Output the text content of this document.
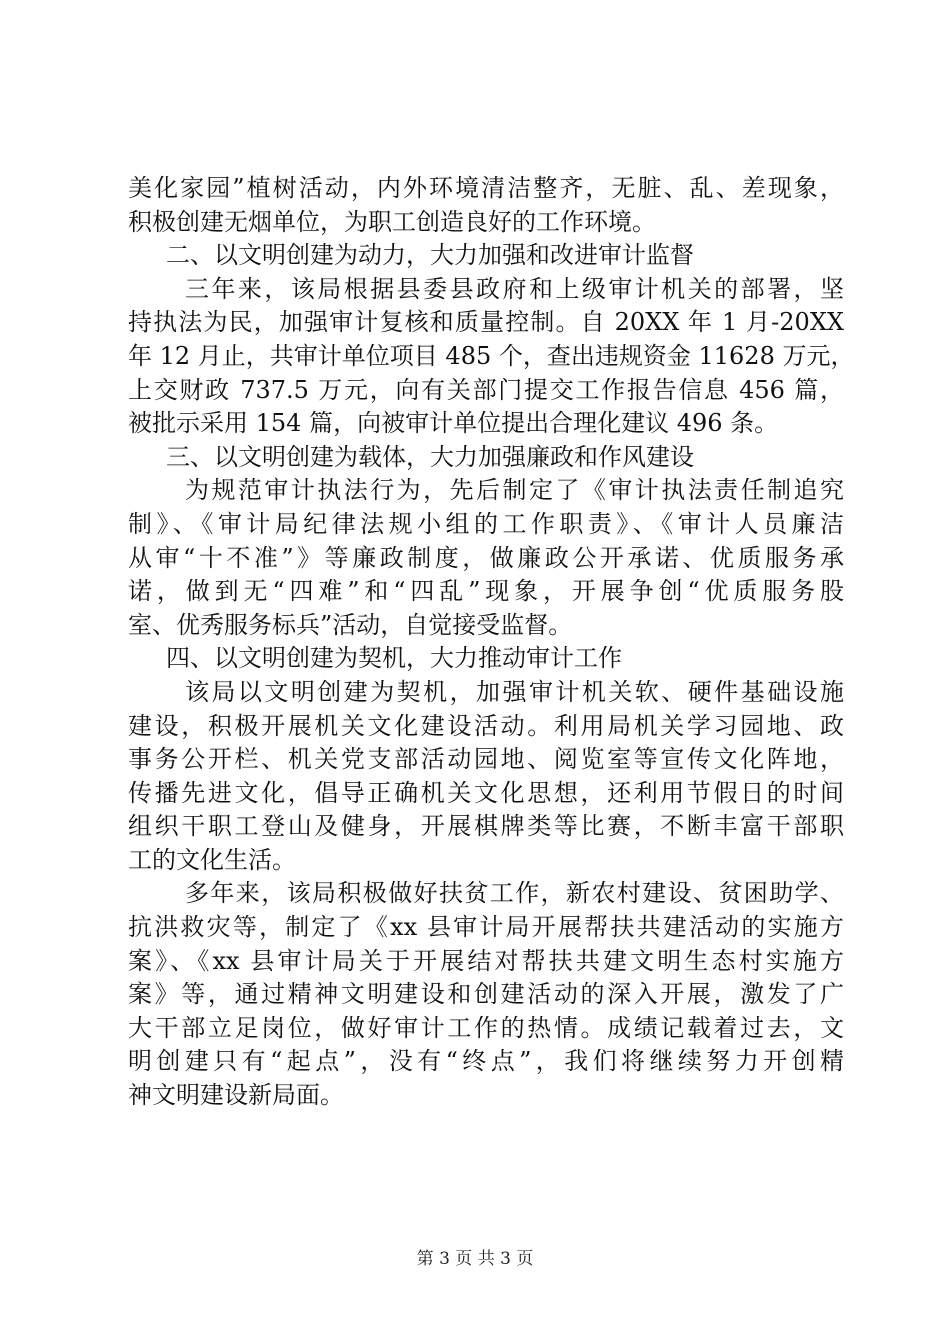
美化家园”植树活动，内外环境清洁整齐，无脏、乱、差现象，
积极创建无烟单位，为职工创造良好的工作环境。
二、以文明创建为动力，大力加强和改进审计监督
三年来，该局根据县委县政府和上级审计机关的部署，坚
持执法为民，加强审计复核和质量控制。自 20XX 年 1 月-20XX
年 12 月止，共审计单位项目 485 个，查出违规资金 11628 万元，
上交财政 737.5 万元，向有关部门提交工作报告信息 456 篇，
被批示采用 154 篇，向被审计单位提出合理化建议 496 条。
三、以文明创建为载体，大力加强廉政和作风建设
为规范审计执法行为，先后制定了《审计执法责任制追究
制》、《审计局纪律法规小组的工作职责》、《审计人员廉洁
从审“十不准”》等廉政制度，做廉政公开承诺、优质服务承
诺，做到无“四难”和“四乱”现象，开展争创“优质服务股
室、优秀服务标兵”活动，自觉接受监督。
四、以文明创建为契机，大力推动审计工作
该局以文明创建为契机，加强审计机关软、硬件基础设施
建设，积极开展机关文化建设活动。利用局机关学习园地、政
事务公开栏、机关党支部活动园地、阅览室等宣传文化阵地，
传播先进文化，倡导正确机关文化思想，还利用节假日的时间
组织干职工登山及健身，开展棋牌类等比赛，不断丰富干部职
工的文化生活。
多年来，该局积极做好扶贫工作，新农村建设、贫困助学、
抗洪救灾等，制定了《xx 县审计局开展帮扶共建活动的实施方
案》、《xx 县审计局关于开展结对帮扶共建文明生态村实施方
案》等，通过精神文明建设和创建活动的深入开展，激发了广
大干部立足岗位，做好审计工作的热情。成绩记载着过去，文
明创建只有“起点”，没有“终点”，我们将继续努力开创精
神文明建设新局面。
第 3 页 共 3 页
